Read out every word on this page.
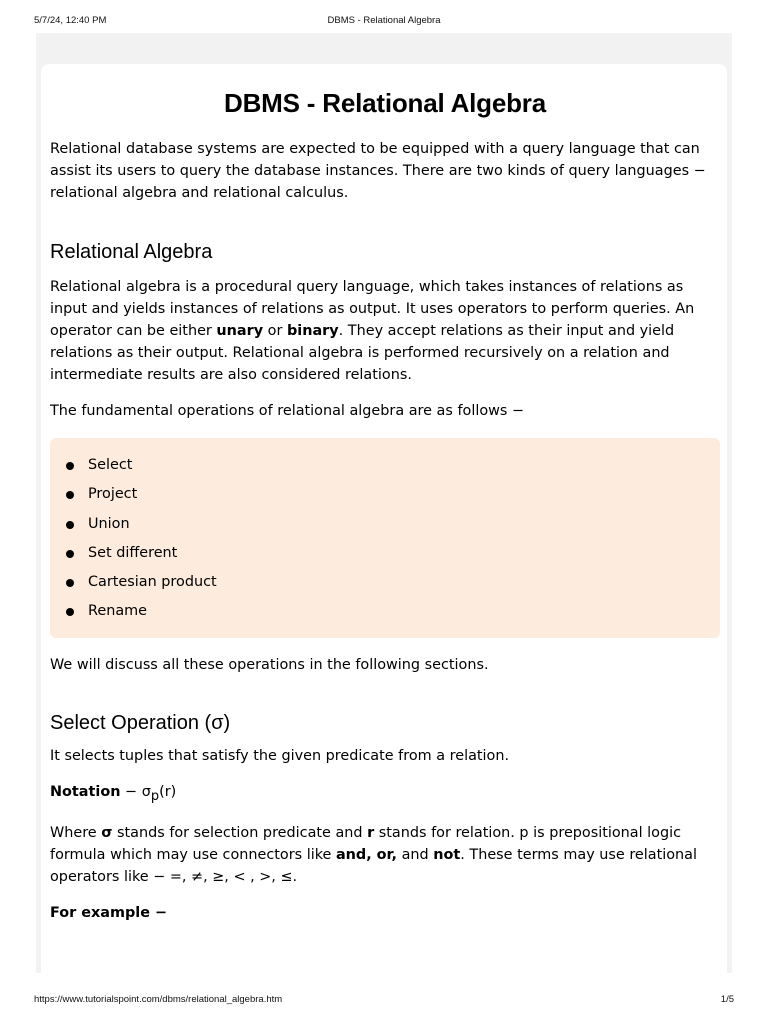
5/7/24, 12:40 PM	DBMS - Relational Algebra
DBMS - Relational Algebra

Relational database systems are expected to be equipped with a query language that can assist its users to query the database instances. There are two kinds of query languages − relational algebra and relational calculus.

Relational Algebra

Relational algebra is a procedural query language, which takes instances of relations as input and yields instances of relations as output. It uses operators to perform queries. An operator can be either unary or binary. They accept relations as their input and yield relations as their output. Relational algebra is performed recursively on a relation and intermediate results are also considered relations.

The fundamental operations of relational algebra are as follows −

Select
Project
Union
Set different
Cartesian product
Rename

We will discuss all these operations in the following sections.

Select Operation (σ)

It selects tuples that satisfy the given predicate from a relation.

Notation − $\sigma_p(r)$

Where σ stands for selection predicate and r stands for relation. p is prepositional logic formula which may use connectors like and, or, and not. These terms may use relational operators like − =, ≠, ≥, < , >, ≤.

For example −

https://www.tutorialspoint.com/dbms/relational_algebra.htm	1/5
